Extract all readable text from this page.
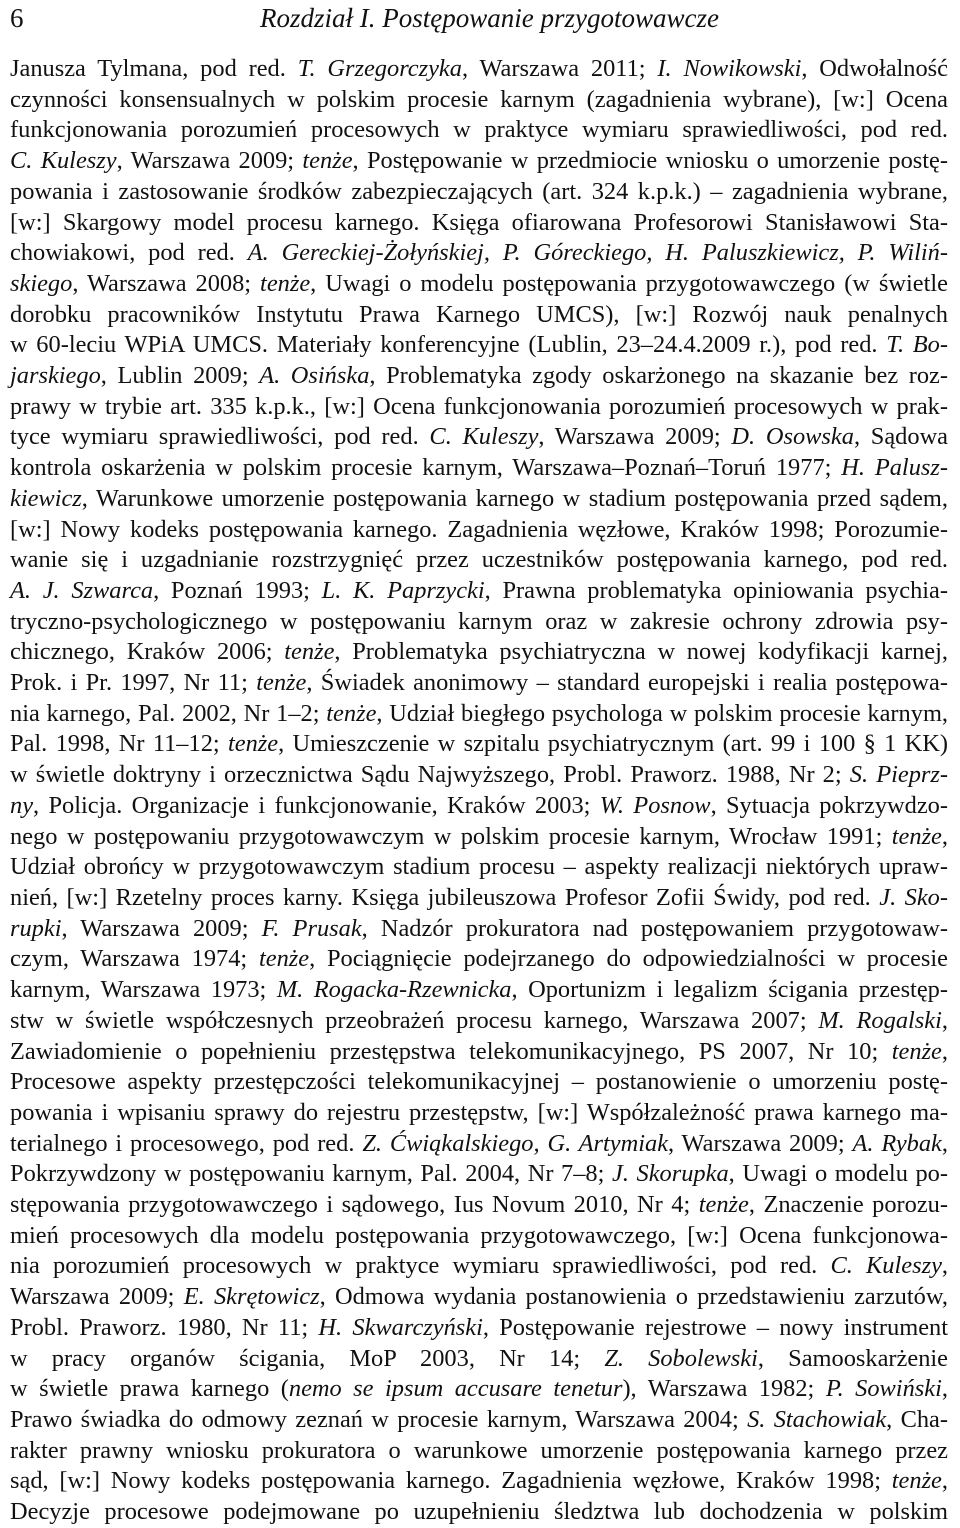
6	Rozdział I. Postępowanie przygotowawcze
Janusza Tylmana, pod red. T. Grzegorczyka, Warszawa 2011; I. Nowikowski, Odwołalność
czynności konsensualnych w polskim procesie karnym (zagadnienia wybrane), [w:] Ocena
funkcjonowania porozumień procesowych w praktyce wymiaru sprawiedliwości, pod red.
C. Kuleszy, Warszawa 2009; tenże, Postępowanie w przedmiocie wniosku o umorzenie postę-
powania i zastosowanie środków zabezpieczających (art. 324 k.p.k.) – zagadnienia wybrane,
[w:] Skargowy model procesu karnego. Księga ofiarowana Profesorowi Stanisławowi Sta-
chowiakowi, pod red. A. Gereckiej-Żołyńskiej, P. Góreckiego, H. Paluszkiewicz, P. Wiliń-
skiego, Warszawa 2008; tenże, Uwagi o modelu postępowania przygotowawczego (w świetle
dorobku pracowników Instytutu Prawa Karnego UMCS), [w:] Rozwój nauk penalnych
w 60-leciu WPiA UMCS. Materiały konferencyjne (Lublin, 23–24.4.2009 r.), pod red. T. Bo-
jarskiego, Lublin 2009; A. Osińska, Problematyka zgody oskarżonego na skazanie bez roz-
prawy w trybie art. 335 k.p.k., [w:] Ocena funkcjonowania porozumień procesowych w prak-
tyce wymiaru sprawiedliwości, pod red. C. Kuleszy, Warszawa 2009; D. Osowska, Sądowa
kontrola oskarżenia w polskim procesie karnym, Warszawa–Poznań–Toruń 1977; H. Palusz-
kiewicz, Warunkowe umorzenie postępowania karnego w stadium postępowania przed sądem,
[w:] Nowy kodeks postępowania karnego. Zagadnienia węzłowe, Kraków 1998; Porozumie-
wanie się i uzgadnianie rozstrzygnięć przez uczestników postępowania karnego, pod red.
A. J. Szwarca, Poznań 1993; L. K. Paprzycki, Prawna problematyka opiniowania psychia-
tryczno-psychologicznego w postępowaniu karnym oraz w zakresie ochrony zdrowia psy-
chicznego, Kraków 2006; tenże, Problematyka psychiatryczna w nowej kodyfikacji karnej,
Prok. i Pr. 1997, Nr 11; tenże, Świadek anonimowy – standard europejski i realia postępowa-
nia karnego, Pal. 2002, Nr 1–2; tenże, Udział biegłego psychologa w polskim procesie karnym,
Pal. 1998, Nr 11–12; tenże, Umieszczenie w szpitalu psychiatrycznym (art. 99 i 100 § 1 KK)
w świetle doktryny i orzecznictwa Sądu Najwyższego, Probl. Praworz. 1988, Nr 2; S. Pieprz-
ny, Policja. Organizacje i funkcjonowanie, Kraków 2003; W. Posnow, Sytuacja pokrzywdzo-
nego w postępowaniu przygotowawczym w polskim procesie karnym, Wrocław 1991; tenże,
Udział obrońcy w przygotowawczym stadium procesu – aspekty realizacji niektórych upraw-
nień, [w:] Rzetelny proces karny. Księga jubileuszowa Profesor Zofii Świdy, pod red. J. Sko-
rupki, Warszawa 2009; F. Prusak, Nadzór prokuratora nad postępowaniem przygotowaw-
czym, Warszawa 1974; tenże, Pociągnięcie podejrzanego do odpowiedzialności w procesie
karnym, Warszawa 1973; M. Rogacka-Rzewnicka, Oportunizm i legalizm ścigania przestęp-
stw w świetle współczesnych przeobrażeń procesu karnego, Warszawa 2007; M. Rogalski,
Zawiadomienie o popełnieniu przestępstwa telekomunikacyjnego, PS 2007, Nr 10; tenże,
Procesowe aspekty przestępczości telekomunikacyjnej – postanowienie o umorzeniu postę-
powania i wpisaniu sprawy do rejestru przestępstw, [w:] Współzależność prawa karnego ma-
terialnego i procesowego, pod red. Z. Ćwiąkalskiego, G. Artymiak, Warszawa 2009; A. Rybak,
Pokrzywdzony w postępowaniu karnym, Pal. 2004, Nr 7–8; J. Skorupka, Uwagi o modelu po-
stępowania przygotowawczego i sądowego, Ius Novum 2010, Nr 4; tenże, Znaczenie porozu-
mień procesowych dla modelu postępowania przygotowawczego, [w:] Ocena funkcjonowa-
nia porozumień procesowych w praktyce wymiaru sprawiedliwości, pod red. C. Kuleszy,
Warszawa 2009; E. Skrętowicz, Odmowa wydania postanowienia o przedstawieniu zarzutów,
Probl. Praworz. 1980, Nr 11; H. Skwarczyński, Postępowanie rejestrowe – nowy instrument
w pracy organów ścigania, MoP 2003, Nr 14; Z. Sobolewski, Samooskarżenie
w świetle prawa karnego (nemo se ipsum accusare tenetur), Warszawa 1982; P. Sowiński,
Prawo świadka do odmowy zeznań w procesie karnym, Warszawa 2004; S. Stachowiak, Cha-
rakter prawny wniosku prokuratora o warunkowe umorzenie postępowania karnego przez
sąd, [w:] Nowy kodeks postępowania karnego. Zagadnienia węzłowe, Kraków 1998; tenże,
Decyzje procesowe podejmowane po uzupełnieniu śledztwa lub dochodzenia w polskim
